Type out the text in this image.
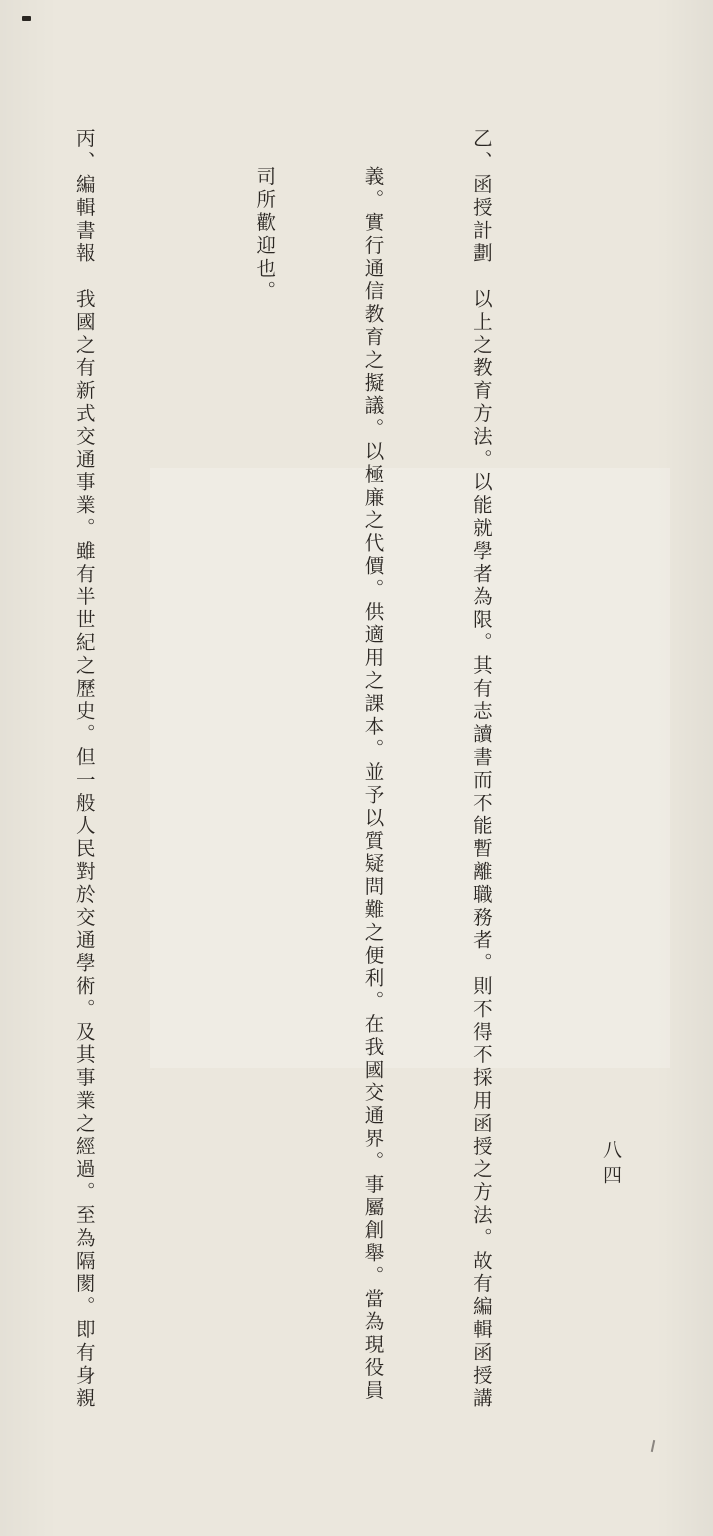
八四

乙、函授計劃　以上之教育方法。以能就學者為限。其有志讀書而不能暫離職務者。則不得不採用函授之方法。故有編輯函授講

義。實行通信教育之擬議。以極廉之代價。供適用之課本。並予以質疑問難之便利。在我國交通界。事屬創舉。當為現役員

司所歡迎也。

丙、編輯書報　我國之有新式交通事業。雖有半世紀之歷史。但一般人民對於交通學術。及其事業之經過。至為隔閡。即有身親
